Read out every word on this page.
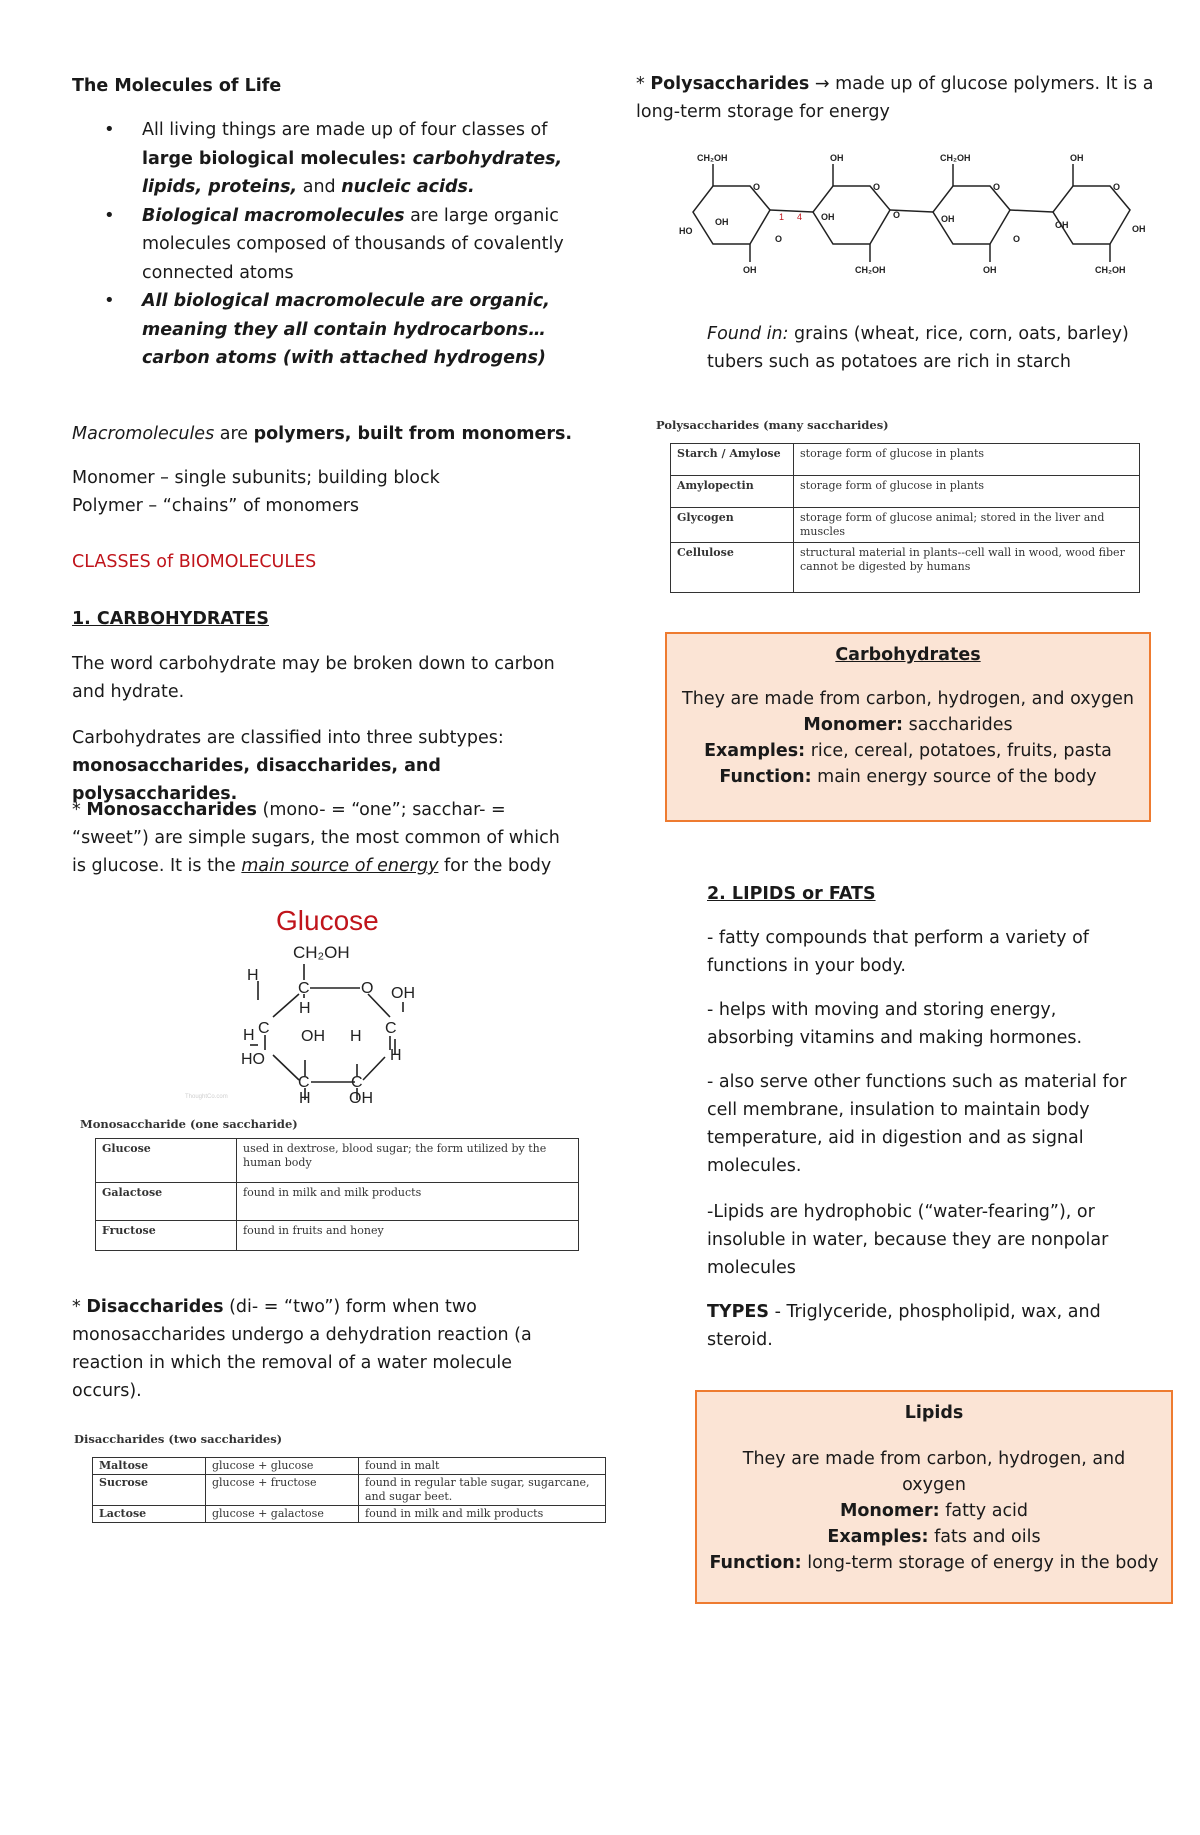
The Molecules of Life

• All living things are made up of four classes of large biological molecules: carbohydrates, lipids, proteins, and nucleic acids.
• Biological macromolecules are large organic molecules composed of thousands of covalently connected atoms
• All biological macromolecule are organic, meaning they all contain hydrocarbons… carbon atoms (with attached hydrogens)

Macromolecules are polymers, built from monomers.

Monomer – single subunits; building block

Polymer – “chains” of monomers

CLASSES of BIOMOLECULES

1. CARBOHYDRATES

The word carbohydrate may be broken down to carbon and hydrate.

Carbohydrates are classified into three subtypes:
monosaccharides, disaccharides, and polysaccharides.

* Monosaccharides (mono- = “one”; sacchar- = “sweet”) are simple sugars, the most common of which is glucose. It is the main source of energy for the body

Glucose
CH₂OH
H
C	O OH
H
C	C
H	OH H
H
HO
C	C
H OH
ThoughtCo.com
Monosaccharide (one saccharide)
Glucose	used in dextrose, blood sugar; the form utilized by the human body
Galactose	found in milk and milk products
Fructose	found in fruits and honey

* Disaccharides (di- = “two”) form when two monosaccharides undergo a dehydration reaction (a reaction in which the removal of a water molecule occurs).

Disaccharides (two saccharides)
Maltose	glucose + glucose	found in malt
Sucrose	glucose + fructose	found in regular table sugar, sugarcane, and sugar beet.
Lactose	glucose + galactose	found in milk and milk products

* Polysaccharides → made up of glucose polymers. It is a long-term storage for energy

CH₂OH	OH	CH₂OH	OH
O	O	O	O
HO
OH	OH	OH
OH	OH
O
O
O
OH	CH₂OH	OH	CH₂OH
1 4

Found in: grains (wheat, rice, corn, oats, barley) tubers such as potatoes are rich in starch

Polysaccharides (many saccharides)
Starch / Amylose	storage form of glucose in plants
Amylopectin	storage form of glucose in plants
Glycogen	storage form of glucose animal; stored in the liver and muscles
Cellulose	structural material in plants--cell wall in wood, wood fiber cannot be digested by humans

Carbohydrates

They are made from carbon, hydrogen, and oxygen

Monomer: saccharides

Examples: rice, cereal, potatoes, fruits, pasta

Function: main energy source of the body

2. LIPIDS or FATS

- fatty compounds that perform a variety of functions in your body.

- helps with moving and storing energy, absorbing vitamins and making hormones.

- also serve other functions such as material for cell membrane, insulation to maintain body temperature, aid in digestion and as signal molecules.

-Lipids are hydrophobic (“water-fearing”), or insoluble in water, because they are nonpolar molecules

TYPES - Triglyceride, phospholipid, wax, and steroid.

Lipids

They are made from carbon, hydrogen, and oxygen

Monomer: fatty acid

Examples: fats and oils

Function: long-term storage of energy in the body
